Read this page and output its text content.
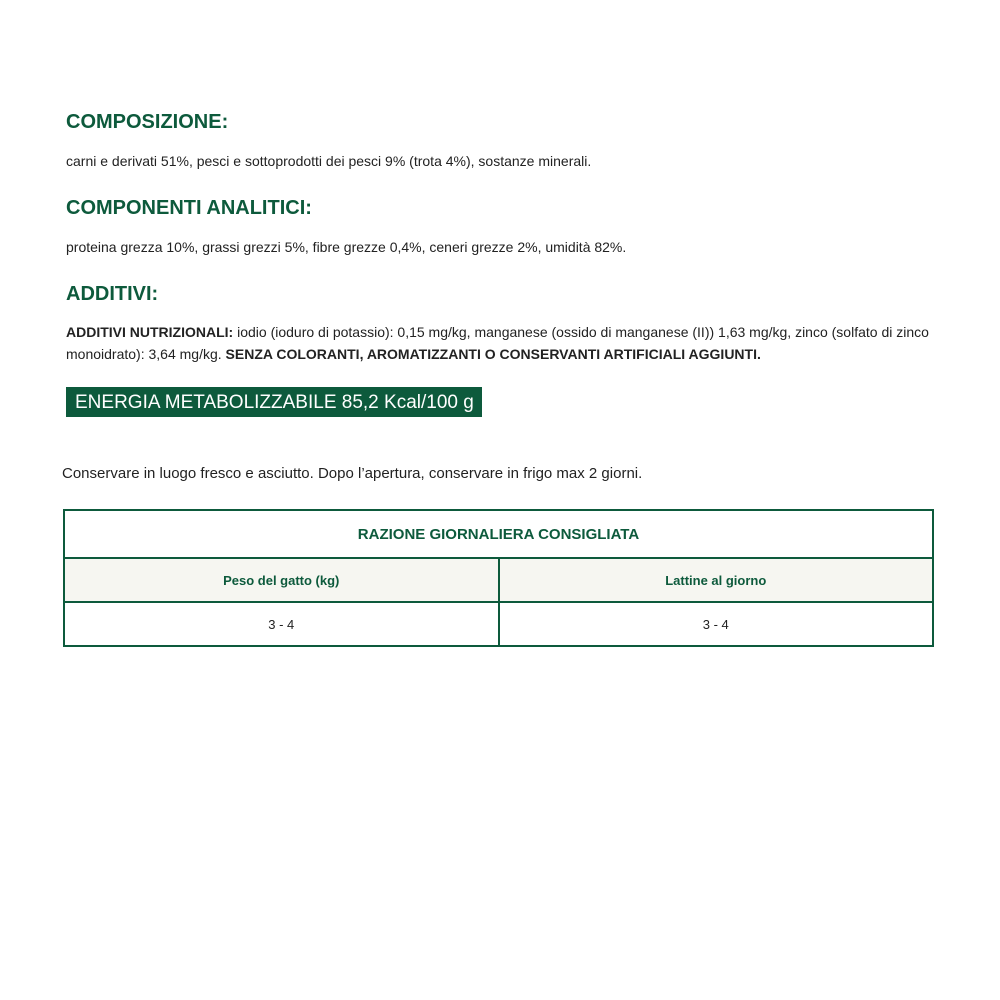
COMPOSIZIONE:

carni e derivati 51%, pesci e sottoprodotti dei pesci 9% (trota 4%), sostanze minerali.

COMPONENTI ANALITICI:

proteina grezza 10%, grassi grezzi 5%, fibre grezze 0,4%, ceneri grezze 2%, umidità 82%.

ADDITIVI:

ADDITIVI NUTRIZIONALI: iodio (ioduro di potassio): 0,15 mg/kg, manganese (ossido di manganese (II)) 1,63 mg/kg, zinco (solfato di zinco monoidrato): 3,64 mg/kg. SENZA COLORANTI, AROMATIZZANTI O CONSERVANTI ARTIFICIALI AGGIUNTI.

ENERGIA METABOLIZZABILE 85,2 Kcal/100 g

Conservare in luogo fresco e asciutto. Dopo l’apertura, conservare in frigo max 2 giorni.

RAZIONE GIORNALIERA CONSIGLIATA	
Peso del gatto (kg)	Lattine al giorno
3 - 4	3 - 4
